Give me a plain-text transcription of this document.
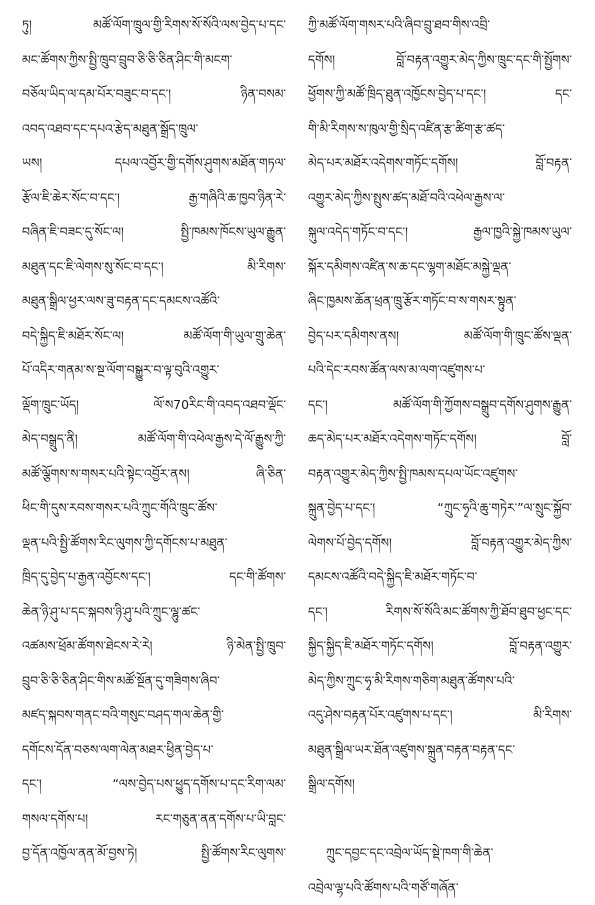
ཏུ། མཚོ་ལོག་ཁྲུལ་གྱི་རིགས་སོ་སོའི་ལས་བྱེད་པ་དང་
མང་ཚོགས་ཀྱིས་སྤྱི་ཁྲུབ་བྲུབ་ཅི་ཅི་ཅིན་ཤིང་གི་མངག་
བཅོལ་ཡིད་ལ་དམ་པོར་བཟུང་བ་དང་། ཉིན་བསམ་
འབད་འཐབ་དང་དཔའ་རྩེད་མཐུན་སྒྲོད་ཁྲུལ་
ཡས། དཔལ་འབྱོར་གྱི་དགོས་ཤུགས་མཐོན་གཏལ་
རྩོལ་ཇི་ཆེར་སོང་བ་དང་། རྒྱ་གཞིའི་ཆ་ཁྱབ་ཉིན་རེ་
བཞིན་ཇི་བཟང་དུ་སོང་ལ། སྤྱི་ཁམས་ཁོངས་ཡུལ་རྒྱུན་
མཐུན་དང་ཇི་ལེགས་སུ་སོང་བ་དང་། མི་རིགས་
མཐུན་སྒྲིལ་ཕྱར་ལས་ཟུ་བརྟན་དང་དམངས་འཚོའི་
བདེ་སྐྱིད་ཇི་མཐོར་སོང་ལ། མཚོ་ལོག་གི་ཡུལ་གྲུ་ཆེན་
པོ་འདིར་གནམ་ས་སྔ་ལོག་བསྒྱུར་བ་ལྟ་བུའི་འགྱུར་
ལྡོག་ཁྲུང་ཡོད། ལོ་ས70རིང་གི་འབད་འཐབ་ལྡོང་
མེད་བསྒྲུད་ནི། མཚོ་ལོག་གི་འཕེལ་རྒྱས་དེ་ལོ་རྒྱུས་ཀྱི་
མཚོ་ལྕོགས་ས་གསར་པའི་སྟེང་འབྱོར་ནས། ཞི་ཅིན་
ཕིང་གི་དུས་རབས་གསར་པའི་ཀྲུང་གོའི་ཁྲུང་ཚོས་
ལྡན་པའི་སྤྱི་ཚོགས་རིང་ལུགས་ཀྱི་དགོངས་པ་མཐུན་
ཁྲིད་དུ་བྱེད་པ་རྒྱན་འབྱོངས་དང་། དང་གི་ཚོགས་
ཆེན་ཉི་ཤུ་པ་དང་སྐབས་ཉི་ཤུ་པའི་ཀྲུང་ལྷུ་ཚང་
འཚམས་ཕྲོམ་ཚོགས་ཐེངས་རེ་རེ། ཉི་མེན་སྤྱི་ཁྲུབ་
བྲུབ་ཅི་ཅི་ཅིན་ཤིང་གིས་མཚོ་སྔོན་དུ་གཟིགས་ཞིབ་
མཛད་སྐབས་གནང་བའི་གསུང་བཤད་གལ་ཆེན་གྱི་
དགོངས་དོན་བཅས་ལག་ལེན་མཐར་ཕྱིན་བྱེད་པ་
དང་། “ལས་བྱེད་པས་ཕྱུད་དགོས་པ་དང་རིག་ལམ་
གསལ་དགོས་པ། རང་གཅུན་ནན་དགོས་པ་ཡི་བླང་
བྱ་དོན་འཁྱོལ་ནན་མོ་བྱས་ཏེ། སྤྱི་ཚོགས་རིང་ལུགས་
ཀྱི་མཚོ་ལོག་གསར་པའི་ཞིབ་བྲུ་ཐབ་གིས་འབྲི་
དགོས། བློ་བརྟན་འགྱུར་མེད་ཀྱིས་ཁྲུང་དང་གི་སྤྱོགས་
ཕྱོགས་ཀྱི་མཚོ་ཁྲིད་ཐུན་འཁྱོངས་བྱེད་པ་དང་། དང་
གི་མི་རིགས་ས་ཁུལ་གྱི་སྲིད་འཛིན་རྩ་ཚིག་རྩ་ཚད་
མེད་པར་མཐོར་འདེགས་གཏོང་དགོས། བློ་བརྟན་
འགྱུར་མེད་ཀྱིས་སྤུས་ཚད་མཐོ་བའི་འཕེལ་རྒྱས་ལ་
སྐུལ་འདེད་གཏོང་བ་དང་། རྒྱལ་ཁྱའི་སྐྱེ་ཁམས་ཡུལ་
སྐོར་དམིགས་འཛིན་ས་ཆ་དང་ལྷག་མཐོང་མསྐྱེ་ལྡན་
ཞིང་ཁྱམས་ཆོན་ཕྲན་ཁྲུ་རྩོར་གཏོང་བ་ས་གསར་སྟུན་
བྱེད་པར་དམིགས་ནས། མཚོ་ལོག་གི་ཁྲུང་ཚོས་ལྡན་
པའི་དེང་རབས་ཚོན་ལས་མ་ལག་འཛུགས་པ་
དང་། མཚོ་ལོག་གི་ཀྱོགས་བསྒྲུབ་དགོས་ཤུགས་རྒྱུན་
ཆད་མེད་པར་མཐོར་འདེགས་གཏོང་དགོས། བློ་
བརྟན་འགྱུར་མེད་ཀྱིས་སྤྱི་ཁམས་དཔལ་ཡོང་འཛུགས་
སྐྲུན་བྱེད་པ་དང་། “ཀྲུང་ཧྭའི་ཆུ་གཏེར་”ལ་སྲུང་སྐྱོབ་
ལེགས་པོ་བྱེད་དགོས། བློ་བརྟན་འགྱུར་མེད་ཀྱིས་
དམངས་འཚོའི་བདེ་སྐྱིད་ཇི་མཐོར་གཏོང་བ་
དང་། རིགས་སོ་སོའི་མང་ཚོགས་ཀྱི་ཐོབ་ཐུབ་ཕྱང་དང་
སྐྱིད་སྐྱིད་ཇི་མཐོར་གཏོང་དགོས། བློ་བརྟན་འགྱུར་
མེད་ཀྱིས་ཀྲུང་ཧྭ་མི་རིགས་གཅིག་མཐུན་ཚོགས་པའི་
འདུ་ཤེས་བརྟན་པོར་འཛུགས་པ་དང་། མི་རིགས་
མཐུན་སྒྲིལ་ཡར་ཐོན་འཛུགས་སྐྲུན་བརྟན་བརྟན་དང་
སྒྲིལ་དགོས།
ཀྲུང་དབྱང་དང་འབྲེལ་ཡོད་སྡེ་ཁག་གི་ཆེན་
འབྲེལ་ལྷ་པའི་ཚོགས་པའི་གཙོ་གཞོན་
